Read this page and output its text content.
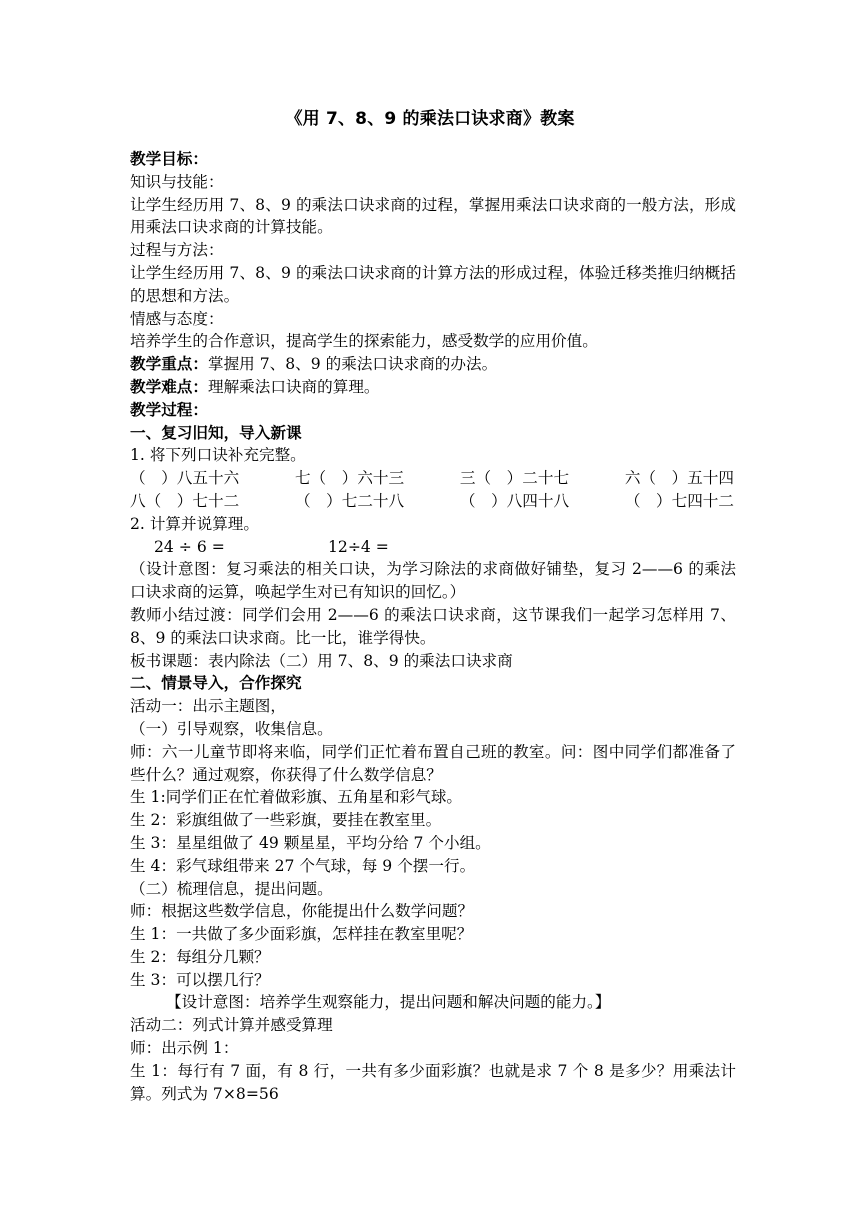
《用 7、8、9 的乘法口诀求商》教案
教学目标：
知识与技能：
让学生经历用 7、8、9 的乘法口诀求商的过程，掌握用乘法口诀求商的一般方法，形成用乘法口诀求商的计算技能。
过程与方法：
让学生经历用 7、8、9 的乘法口诀求商的计算方法的形成过程，体验迁移类推归纳概括的思想和方法。
情感与态度：
培养学生的合作意识，提高学生的探索能力，感受数学的应用价值。
教学重点：掌握用 7、8、9 的乘法口诀求商的办法。
教学难点：理解乘法口诀商的算理。
教学过程：
一、复习旧知，导入新课
1. 将下列口诀补充完整。
（　）八五十六	七（　）六十三	三（　）二十七	六（　）五十四
八（　）七十二	（　）七二十八	（　）八四十八	（　）七四十二
2. 计算并说算理。
24 ÷ 6 =	12÷4 =
（设计意图：复习乘法的相关口诀，为学习除法的求商做好铺垫，复习 2——6 的乘法口诀求商的运算，唤起学生对已有知识的回忆。）
教师小结过渡：同学们会用 2——6 的乘法口诀求商，这节课我们一起学习怎样用 7、8、9 的乘法口诀求商。比一比，谁学得快。
板书课题：表内除法（二）用 7、8、9 的乘法口诀求商
二、情景导入，合作探究
活动一：出示主题图，
（一）引导观察，收集信息。
师：六一儿童节即将来临，同学们正忙着布置自己班的教室。问：图中同学们都准备了些什么？通过观察，你获得了什么数学信息？
生 1:同学们正在忙着做彩旗、五角星和彩气球。
生 2：彩旗组做了一些彩旗，要挂在教室里。
生 3：星星组做了 49 颗星星，平均分给 7 个小组。
生 4：彩气球组带来 27 个气球，每 9 个摆一行。
（二）梳理信息，提出问题。
师：根据这些数学信息，你能提出什么数学问题？
生 1：一共做了多少面彩旗，怎样挂在教室里呢？
生 2：每组分几颗？
生 3：可以摆几行？
【设计意图：培养学生观察能力，提出问题和解决问题的能力。】
活动二：列式计算并感受算理
师：出示例 1：
生 1：每行有 7 面，有 8 行，一共有多少面彩旗？也就是求 7 个 8 是多少？用乘法计算。列式为 7×8=56
